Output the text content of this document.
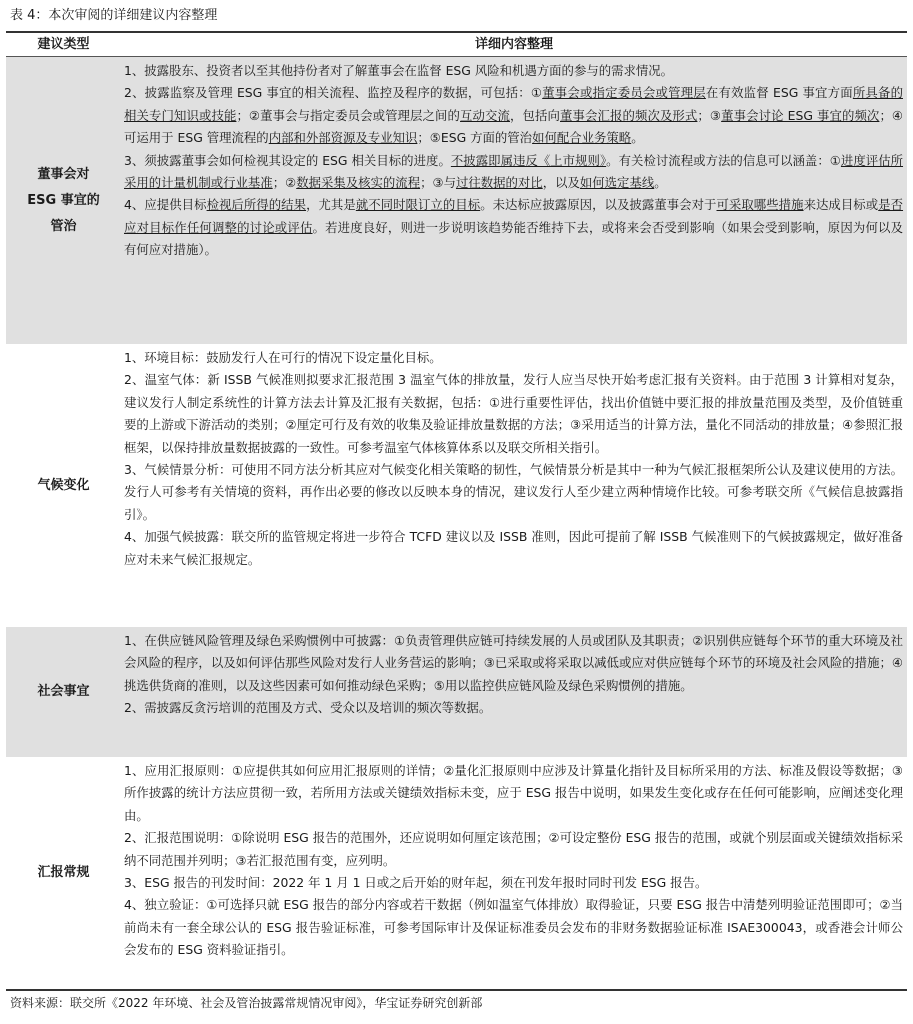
表 4：本次审阅的详细建议内容整理
建议类型	详细内容整理
董事会对 ESG 事宜的管治

1、披露股东、投资者以至其他持份者对了解董事会在监督 ESG 风险和机遇方面的参与的需求情况。

2、披露监察及管理 ESG 事宜的相关流程、监控及程序的数据，可包括：①董事会或指定委员会或管理层在有效监督 ESG 事宜方面所具备的相关专门知识或技能；②董事会与指定委员会或管理层之间的互动交流，包括向董事会汇报的频次及形式；③董事会讨论 ESG 事宜的频次；④可运用于 ESG 管理流程的内部和外部资源及专业知识；⑤ESG 方面的管治如何配合业务策略。

3、须披露董事会如何检视其设定的 ESG 相关目标的进度。不披露即属违反《上市规则》。有关检讨流程或方法的信息可以涵盖：①进度评估所采用的计量机制或行业基准；②数据采集及核实的流程；③与过往数据的对比，以及如何选定基线。

4、应提供目标检视后所得的结果，尤其是就不同时限订立的目标。未达标应披露原因，以及披露董事会对于可采取哪些措施来达成目标或是否应对目标作任何调整的讨论或评估。若进度良好，则进一步说明该趋势能否维持下去，或将来会否受到影响（如果会受到影响，原因为何以及有何应对措施）。

气候变化

1、环境目标：鼓励发行人在可行的情况下设定量化目标。

2、温室气体：新 ISSB 气候准则拟要求汇报范围 3 温室气体的排放量，发行人应当尽快开始考虑汇报有关资料。由于范围 3 计算相对复杂，建议发行人制定系统性的计算方法去计算及汇报有关数据，包括：①进行重要性评估，找出价值链中要汇报的排放量范围及类型，及价值链重要的上游或下游活动的类别；②厘定可行及有效的收集及验证排放量数据的方法；③采用适当的计算方法，量化不同活动的排放量；④参照汇报框架，以保持排放量数据披露的一致性。可参考温室气体核算体系以及联交所相关指引。

3、气候情景分析：可使用不同方法分析其应对气候变化相关策略的韧性，气候情景分析是其中一种为气候汇报框架所公认及建议使用的方法。发行人可参考有关情境的资料，再作出必要的修改以反映本身的情况，建议发行人至少建立两种情境作比较。可参考联交所《气候信息披露指引》。

4、加强气候披露：联交所的监管规定将进一步符合 TCFD 建议以及 ISSB 准则，因此可提前了解 ISSB 气候准则下的气候披露规定，做好准备应对未来气候汇报规定。

社会事宜

1、在供应链风险管理及绿色采购惯例中可披露：①负责管理供应链可持续发展的人员或团队及其职责；②识别供应链每个环节的重大环境及社会风险的程序，以及如何评估那些风险对发行人业务营运的影响；③已采取或将采取以减低或应对供应链每个环节的环境及社会风险的措施；④挑选供货商的准则，以及这些因素可如何推动绿色采购；⑤用以监控供应链风险及绿色采购惯例的措施。

2、需披露反贪污培训的范围及方式、受众以及培训的频次等数据。

汇报常规

1、应用汇报原则：①应提供其如何应用汇报原则的详情；②量化汇报原则中应涉及计算量化指针及目标所采用的方法、标准及假设等数据；③所作披露的统计方法应贯彻一致，若所用方法或关键绩效指标未变，应于 ESG 报告中说明，如果发生变化或存在任何可能影响，应阐述变化理由。

2、汇报范围说明：①除说明 ESG 报告的范围外，还应说明如何厘定该范围；②可设定整份 ESG 报告的范围，或就个别层面或关键绩效指标采纳不同范围并列明；③若汇报范围有变，应列明。

3、ESG 报告的刊发时间：2022 年 1 月 1 日或之后开始的财年起，须在刊发年报时同时刊发 ESG 报告。

4、独立验证：①可选择只就 ESG 报告的部分内容或若干数据（例如温室气体排放）取得验证，只要 ESG 报告中清楚列明验证范围即可；②当前尚未有一套全球公认的 ESG 报告验证标准，可参考国际审计及保证标准委员会发布的非财务数据验证标准 ISAE300043，或香港会计师公会发布的 ESG 资料验证指引。

资料来源：联交所《2022 年环境、社会及管治披露常规情况审阅》，华宝证券研究创新部
